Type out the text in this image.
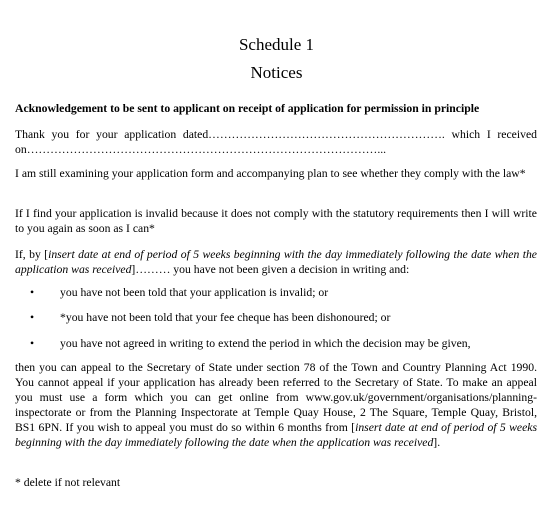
Schedule 1
Notices
Acknowledgement to be sent to applicant on receipt of application for permission in principle

Thank you for your application dated……………………………………………………. which I received on………………………………………………………………………………...

I am still examining your application form and accompanying plan to see whether they comply with the law*

If I find your application is invalid because it does not comply with the statutory requirements then I will write to you again as soon as I can*

If, by [insert date at end of period of 5 weeks beginning with the day immediately following the date when the application was received]……… you have not been given a decision in writing and:

• you have not been told that your application is invalid; or
• *you have not been told that your fee cheque has been dishonoured; or
• you have not agreed in writing to extend the period in which the decision may be given,

then you can appeal to the Secretary of State under section 78 of the Town and Country Planning Act 1990. You cannot appeal if your application has already been referred to the Secretary of State. To make an appeal you must use a form which you can get online from www.gov.uk/government/organisations/planning-inspectorate or from the Planning Inspectorate at Temple Quay House, 2 The Square, Temple Quay, Bristol, BS1 6PN. If you wish to appeal you must do so within 6 months from [insert date at end of period of 5 weeks beginning with the day immediately following the date when the application was received].

* delete if not relevant
